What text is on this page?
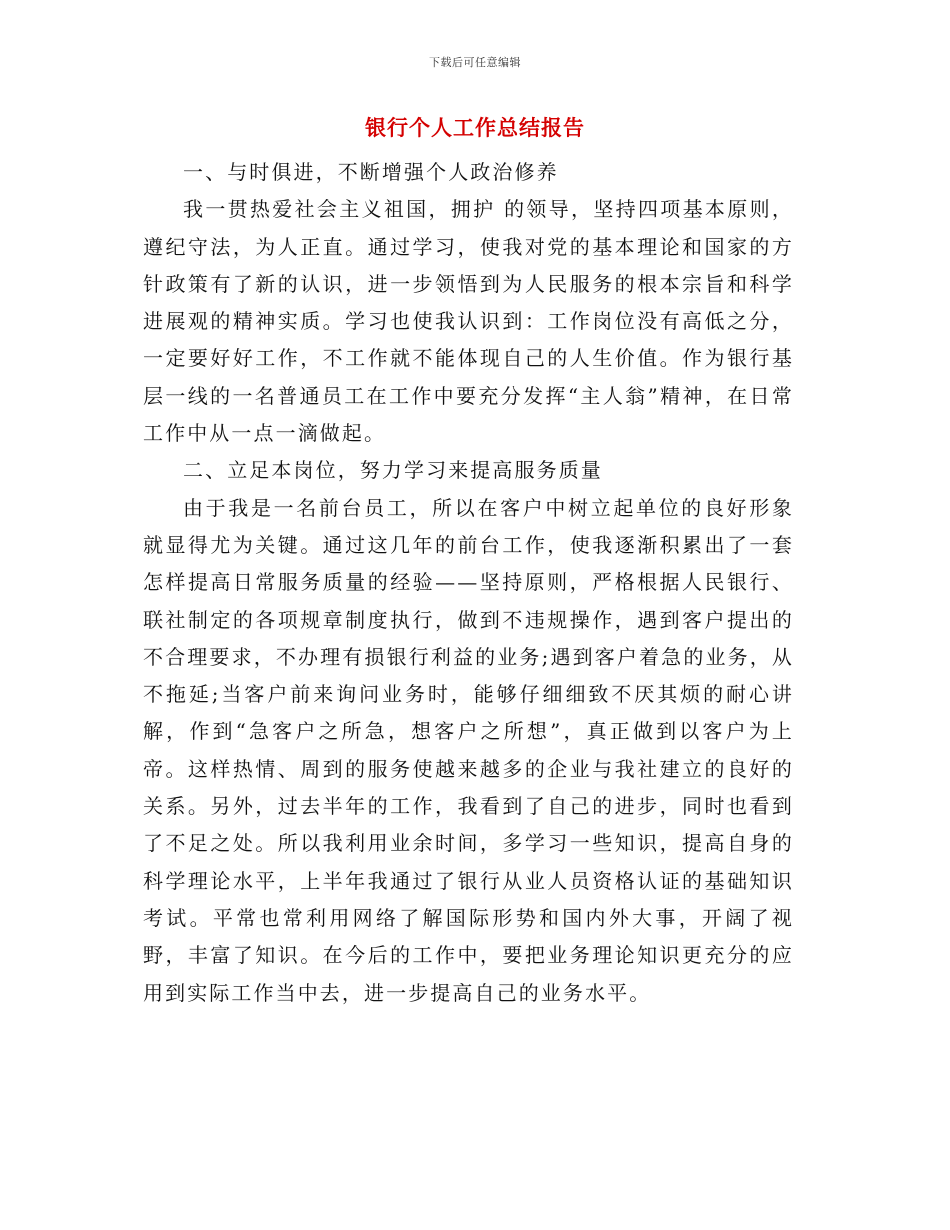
下载后可任意编辑
银行个人工作总结报告

一、与时俱进，不断增强个人政治修养

我一贯热爱社会主义祖国，拥护 的领导，坚持四项基本原则，遵纪守法，为人正直。通过学习，使我对党的基本理论和国家的方针政策有了新的认识，进一步领悟到为人民服务的根本宗旨和科学进展观的精神实质。学习也使我认识到：工作岗位没有高低之分，一定要好好工作，不工作就不能体现自己的人生价值。作为银行基层一线的一名普通员工在工作中要充分发挥“主人翁”精神，在日常工作中从一点一滴做起。

二、立足本岗位，努力学习来提高服务质量

由于我是一名前台员工，所以在客户中树立起单位的良好形象就显得尤为关键。通过这几年的前台工作，使我逐渐积累出了一套怎样提高日常服务质量的经验——坚持原则，严格根据人民银行、联社制定的各项规章制度执行，做到不违规操作，遇到客户提出的不合理要求，不办理有损银行利益的业务;遇到客户着急的业务，从不拖延;当客户前来询问业务时，能够仔细细致不厌其烦的耐心讲解，作到“急客户之所急，想客户之所想”，真正做到以客户为上帝。这样热情、周到的服务使越来越多的企业与我社建立的良好的关系。另外，过去半年的工作，我看到了自己的进步，同时也看到了不足之处。所以我利用业余时间，多学习一些知识，提高自身的科学理论水平，上半年我通过了银行从业人员资格认证的基础知识考试。平常也常利用网络了解国际形势和国内外大事，开阔了视野，丰富了知识。在今后的工作中，要把业务理论知识更充分的应用到实际工作当中去，进一步提高自己的业务水平。
